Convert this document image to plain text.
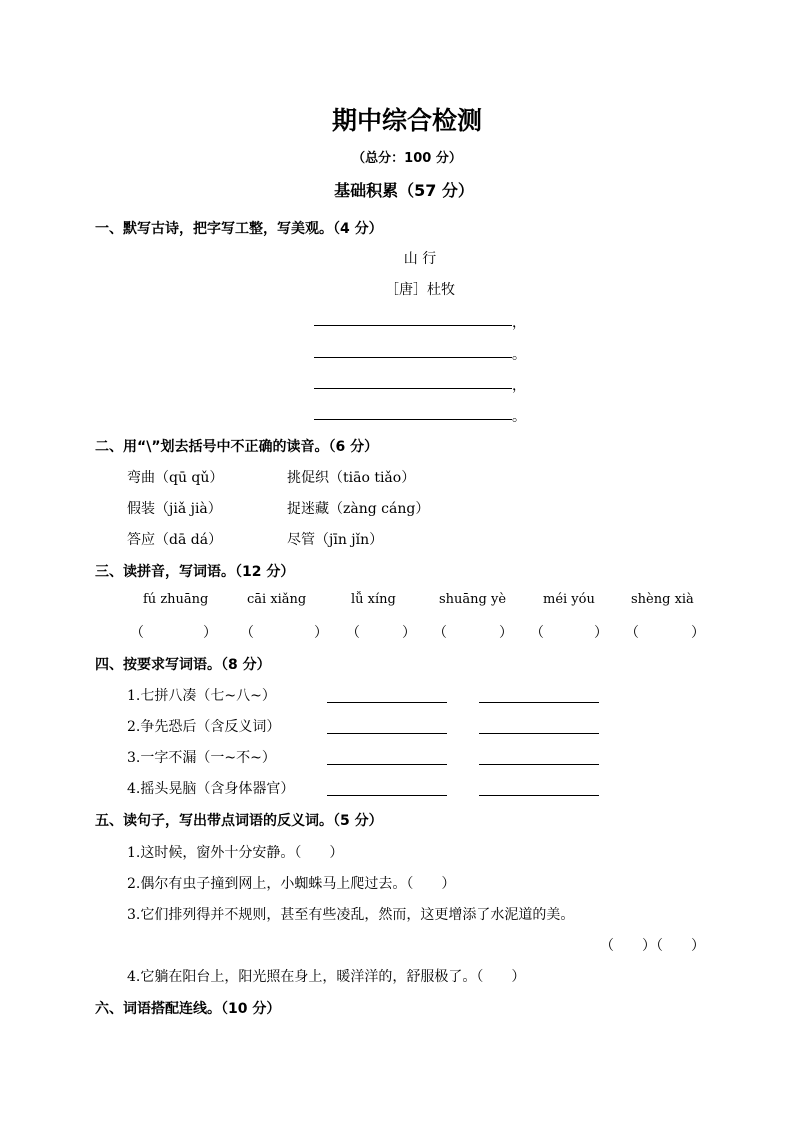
期中综合检测
（总分：100 分）
基础积累（57 分）
一、默写古诗，把字写工整，写美观。（4 分）
山 行
［唐］杜牧
，
。
，
。
二、用“\”划去括号中不正确的读音。（6 分）
弯曲（qū qǔ）	挑促织（tiāo tiǎo）
假装（jiǎ jià）	捉迷藏（zàng cáng）
答应（dā dá）	尽管（jīn jǐn）
三、读拼音，写词语。（12 分）
fú zhuāng	cāi xiǎng	lǚ xíng	shuāng yè	méi yóu	shèng xià
（	） （	） （	） （	） （	） （	）
四、按要求写词语。（8 分）
1.七拼八凑（七~八~）
2.争先恐后（含反义词）
3.一字不漏（一~不~）
4.摇头晃脑（含身体器官）
五、读句子，写出带点词语的反义词。（5 分）
1.这时候，窗外十分安静。（　　）
2.偶尔有虫子撞到网上，小蜘蛛马上爬过去。（　　）
3.它们排列得并不规则，甚至有些凌乱，然而，这更增添了水泥道的美。
（　　）（　　）
4.它躺在阳台上，阳光照在身上，暖洋洋的，舒服极了。（　　）
六、词语搭配连线。（10 分）
